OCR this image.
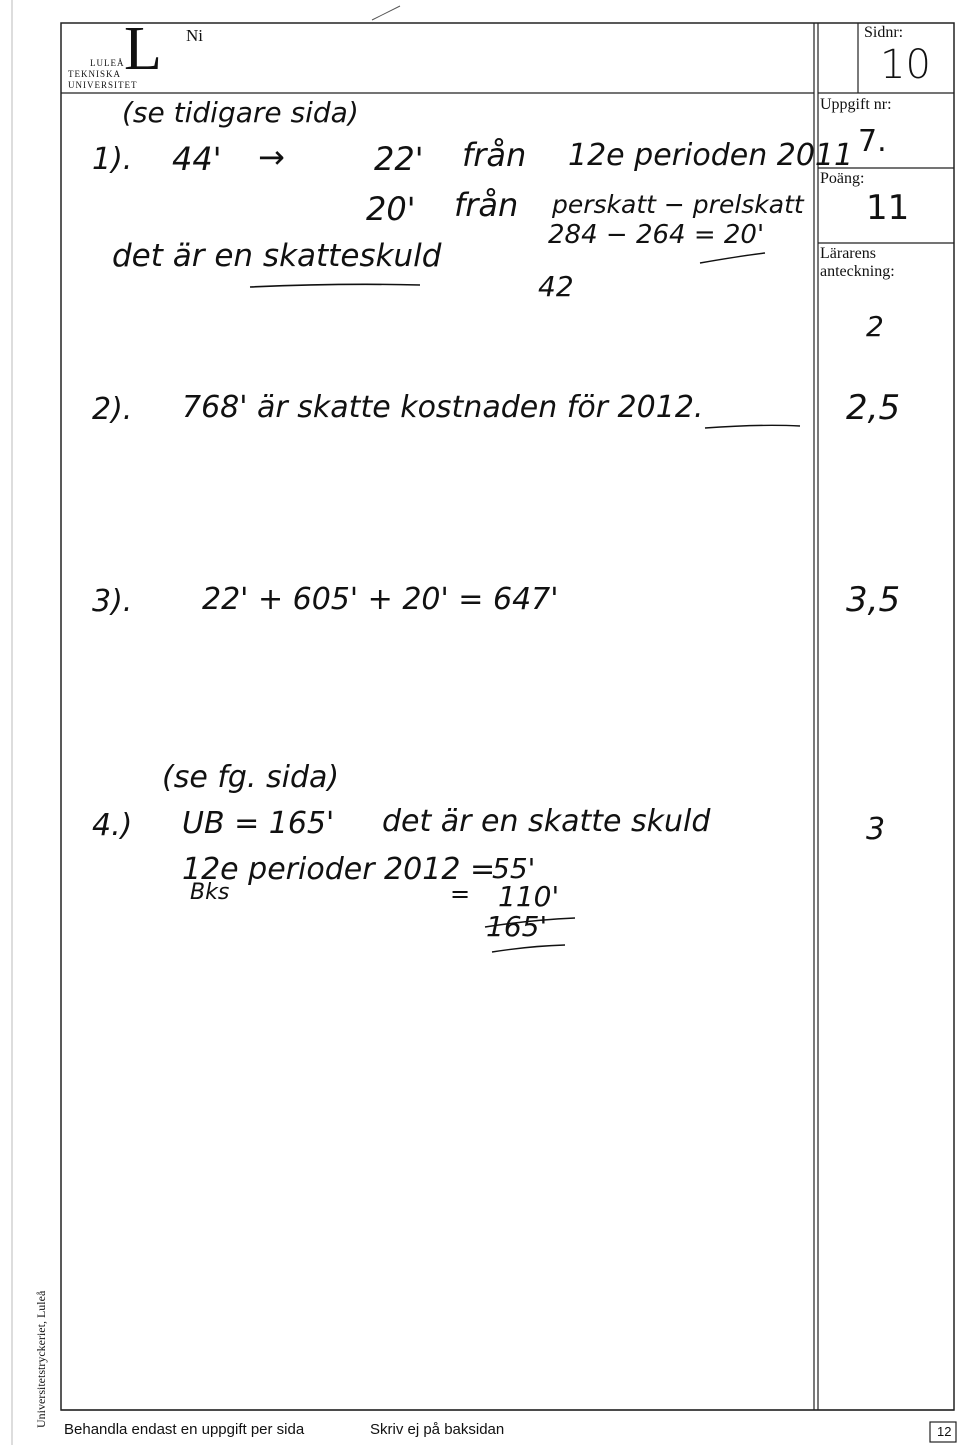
L
LULEÅ
TEKNISKA
UNIVERSITET
Ni	Sidnr:
10
Uppgift nr:
7.
Poäng:
11
Lärarens
anteckning:
2
2,5
3,5
3
(se tidigare sida)
1). 44' →	22' från 12e perioden 2011
20' från perskatt − prelskatt
284 − 264 = 20'
det är en skatteskuld
42
2). 768' är skatte kostnaden för 2012.
3). 22' + 605' + 20' = 647'
(se fg. sida)
4.) UB = 165' det är en skatte skuld
12e perioder 2012 =
Bks
55'
= 110'
165'
Universitetstryckeriet, Luleå
Behandla endast en uppgift per sida	Skriv ej på baksidan	12
